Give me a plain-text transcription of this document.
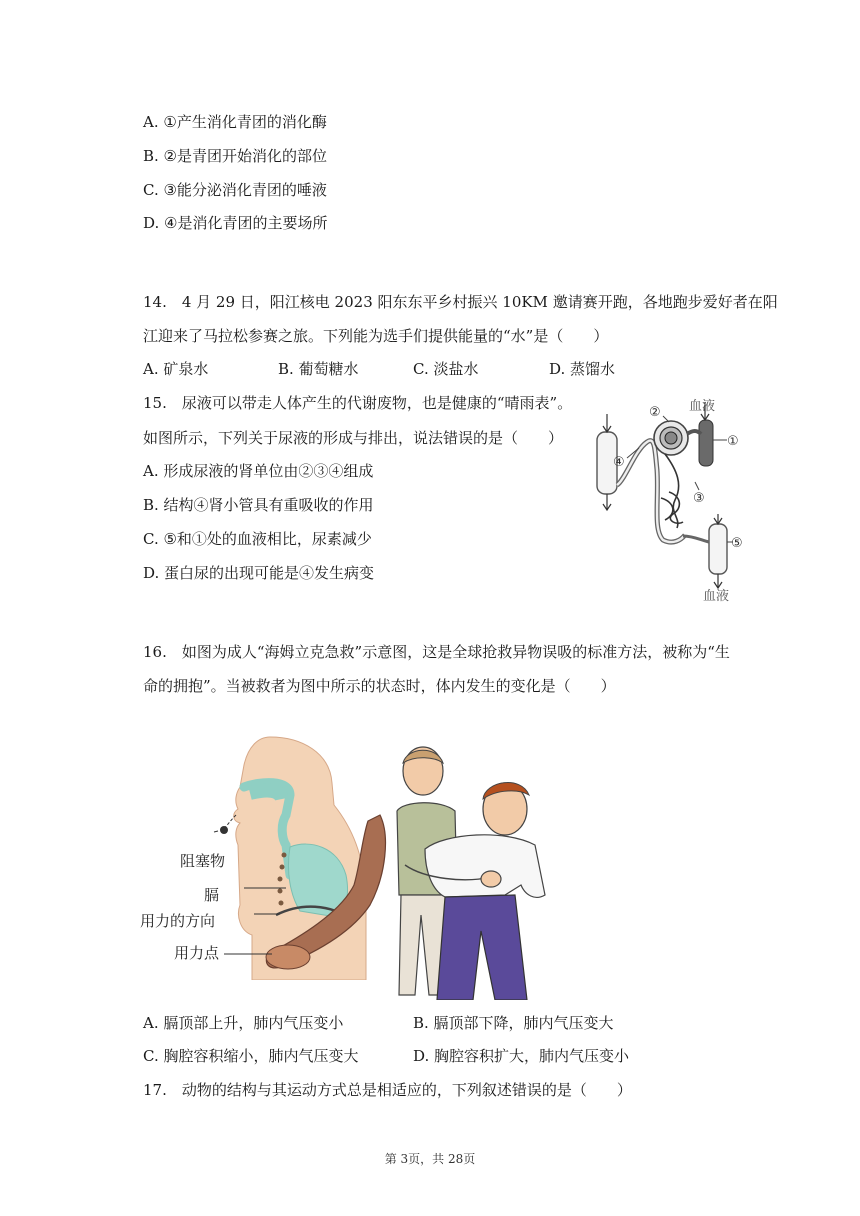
A. ①产生消化青团的消化酶
B. ②是青团开始消化的部位
C. ③能分泌消化青团的唾液
D. ④是消化青团的主要场所
14.　4 月 29 日，阳江核电 2023 阳东东平乡村振兴 10KM 邀请赛开跑，各地跑步爱好者在阳
江迎来了马拉松参赛之旅。下列能为选手们提供能量的“水”是（　　）
A. 矿泉水	B. 葡萄糖水	C. 淡盐水	D. 蒸馏水
15.　尿液可以带走人体产生的代谢废物，也是健康的“晴雨表”。
如图所示，下列关于尿液的形成与排出，说法错误的是（　　）
A. 形成尿液的肾单位由②③④组成
B. 结构④肾小管具有重吸收的作用
C. ⑤和①处的血液相比，尿素减少
D. 蛋白尿的出现可能是④发生病变
血液
②
①
④
③
⑤
血液
16.　如图为成人“海姆立克急救”示意图，这是全球抢救异物误吸的标准方法，被称为“生
命的拥抱”。当被救者为图中所示的状态时，体内发生的变化是（　　）
阻塞物
膈
用力的方向
用力点
A. 膈顶部上升，肺内气压变小	B. 膈顶部下降，肺内气压变大
C. 胸腔容积缩小，肺内气压变大	D. 胸腔容积扩大，肺内气压变小
17.　动物的结构与其运动方式总是相适应的，下列叙述错误的是（　　）
第 3页，共 28页
